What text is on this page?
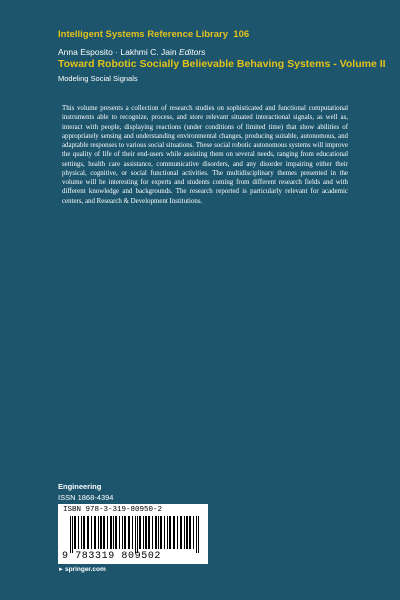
Intelligent Systems Reference Library 106
Anna Esposito · Lakhmi C. Jain Editors
Toward Robotic Socially Believable Behaving Systems - Volume II
Modeling Social Signals

This volume presents a collection of research studies on sophisticated and functional computational instruments able to recognize, process, and store relevant situated interactional signals, as well as, interact with people, displaying reactions (under conditions of limited time) that show abilities of appropriately sensing and understanding environmental changes, producing suitable, autonomous, and adaptable responses to various social situations. These social robotic autonomous systems will improve the quality of life of their end-users while assisting them on several needs, ranging from educational settings, health care assistance, communicative disorders, and any disorder impairing either their physical, cognitive, or social functional activities. The multidisciplinary themes presented in the volume will be interesting for experts and students coming from different research fields and with different knowledge and backgrounds. The research reported is particularly relevant for academic centers, and Research & Development Institutions.

Engineering
ISSN 1868-4394
ISBN 978-3-319-80950-2
9 783319 809502
►springer.com
